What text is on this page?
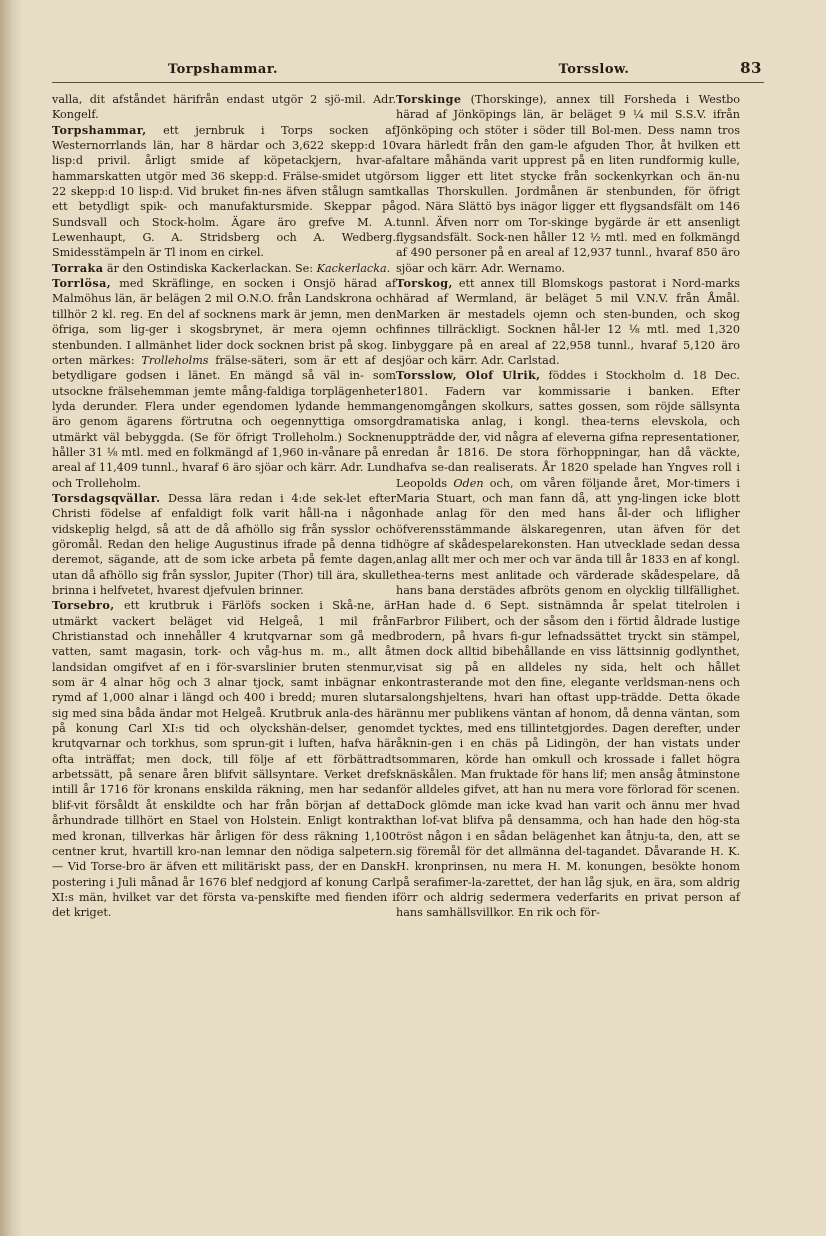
Torpshammar.	Torsslow.	83

valla, dit afståndet härifrån endast utgör 2 sjö-mil. Adr. Kongelf.

Torpshammar, ett jernbruk i Torps socken af Westernorrlands län, har 8 härdar och 3,622 skepp:d 10 lisp:d privil. årligt smide af köpetackjern, hvar-af hammarskatten utgör med 36 skepp:d. Frälse-smidet utgör 22 skepp:d 10 lisp:d. Vid bruket fin-nes äfven stålugn samt ett betydligt spik- och manufaktursmide. Skeppar på Sundsvall och Stock-holm. Ägare äro grefve M. A. Lewenhaupt, G. A. Stridsberg och A. Wedberg. Smidesstämpeln är Tl inom en cirkel.

Torraka är den Ostindiska Kackerlackan. Se: Kackerlacka.

Torrlösa, med Skräflinge, en socken i Onsjö härad af Malmöhus län, är belägen 2 mil O.N.O. från Landskrona och tillhör 2 kl. reg. En del af socknens mark är jemn, men den öfriga, som lig-ger i skogsbrynet, är mera ojemn och stenbunden. I allmänhet lider dock socknen brist på skog. I orten märkes: Trolleholms frälse-säteri, som är ett af de betydligare godsen i länet. En mängd så väl in- som utsockne frälsehemman jemte mång-faldiga torplägenheter lyda derunder. Flera under egendomen lydande hemman äro genom ägarens förtrutna och oegennyttiga omsorg utmärkt väl bebyggda. (Se för öfrigt Trolleholm.) Socknen håller 31 ⅛ mtl. med en folkmängd af 1,960 in-vånare på en areal af 11,409 tunnl., hvaraf 6 äro sjöar och kärr. Adr. Lund och Trolleholm.

Torsdagsqvällar. Dessa lära redan i 4:de sek-let efter Christi födelse af enfaldigt folk varit håll-na i någon vidskeplig helgd, så att de då afhöllo sig från sysslor och göromål. Redan den helige Augustinus ifrade på denna tid deremot, sägande, att de som icke arbeta på femte dagen, utan då afhöllo sig från sysslor, Jupiter (Thor) till ära, skulle brinna i helfvetet, hvarest djefvulen brinner.

Torsebro, ett krutbruk i Färlöfs socken i Skå-ne, är utmärkt vackert beläget vid Helgeå, 1 mil från Christianstad och innehåller 4 krutqvarnar som gå med vatten, samt magasin, tork- och våg-hus m. m., allt åt landsidan omgifvet af en i för-svarslinier bruten stenmur, som är 4 alnar hög och 3 alnar tjock, samt inbägnar en rymd af 1,000 alnar i längd och 400 i bredd; muren slutar sig med sina båda ändar mot Helgeå. Krutbruk anla-des här på konung Carl XI:s tid och olyckshän-delser, genom krutqvarnar och torkhus, som sprun-git i luften, hafva här ofta inträffat; men dock, till följe af ett förbättradt arbetssätt, på senare åren blifvit sällsyntare. Verket drefs intill år 1716 för kronans enskilda räkning, men har sedan blif-vit försåldt åt enskildte och har från början af detta århundrade tillhört en Stael von Holstein. Enligt kontrakt med kronan, tillverkas här årligen för dess räkning 1,100 centner krut, hvartill kro-nan lemnar den nödiga salpetern. — Vid Torse-bro är äfven ett militäriskt pass, der en Dansk postering i Juli månad år 1676 blef nedgjord af konung Carl XI:s män, hvilket var det första va-penskifte med fienden i det kriget.

Torskinge (Thorskinge), annex till Forsheda i Westbo härad af Jönköpings län, är beläget 9 ¼ mil S.S.V. ifrån Jönköping och stöter i söder till Bol-men. Dess namn tros vara härledt från den gam-le afguden Thor, åt hvilken ett altare måhända varit upprest på en liten rundformig kulle, som ligger ett litet stycke från sockenkyrkan och än-nu kallas Thorskullen. Jordmånen är stenbunden, för öfrigt god. Nära Slättö bys inägor ligger ett flygsandsfält om 146 tunnl. Äfven norr om Tor-skinge bygärde är ett ansenligt flygsandsfält. Sock-nen håller 12 ½ mtl. med en folkmängd af 490 personer på en areal af 12,937 tunnl., hvaraf 850 äro sjöar och kärr. Adr. Wernamo.

Torskog, ett annex till Blomskogs pastorat i Nord-marks härad af Wermland, är beläget 5 mil V.N.V. från Åmål. Marken är mestadels ojemn och sten-bunden, och skog finnes tillräckligt. Socknen hål-ler 12 ⅛ mtl. med 1,320 inbyggare på en areal af 22,958 tunnl., hvaraf 5,120 äro sjöar och kärr. Adr. Carlstad.

Torsslow, Olof Ulrik, föddes i Stockholm d. 18 Dec. 1801. Fadern var kommissarie i banken. Efter genomgången skolkurs, sattes gossen, som röjde sällsynta dramatiska anlag, i kongl. thea-terns elevskola, och uppträdde der, vid några af eleverna gifna representationer, redan år 1816. De stora förhoppningar, han då väckte, hafva se-dan realiserats. År 1820 spelade han Yngves roll i Leopolds Oden och, om våren följande året, Mor-timers i Maria Stuart, och man fann då, att yng-lingen icke blott hade anlag för den med hans ål-der och lifligher öfverensstämmande älskaregenren, utan äfven för det högre af skådespelarekonsten. Han utvecklade sedan dessa anlag allt mer och mer och var ända till år 1833 en af kongl. thea-terns mest anlitade och värderade skådespelare, då hans bana derstädes afbröts genom en olycklig tillfällighet. Han hade d. 6 Sept. sistnämnda år spelat titelrolen i Farbror Filibert, och der såsom den i förtid åldrade lustige brodern, på hvars fi-gur lefnadssättet tryckt sin stämpel, men dock alltid bibehållande en viss lättsinnig godlynthet, visat sig på en alldeles ny sida, helt och hållet kontrasterande mot den fine, elegante verldsman-nens och salongshjeltens, hvari han oftast upp-trädde. Detta ökade ännu mer publikens väntan af honom, då denna väntan, som det tycktes, med ens tillintetgjordes. Dagen derefter, under åknin-gen i en chäs på Lidingön, der han vistats under sommaren, körde han omkull och krossade i fallet högra knäskålen. Man fruktade för hans lif; men ansåg åtminstone för alldeles gifvet, att han nu mera vore förlorad för scenen. Dock glömde man icke kvad han varit och ännu mer hvad han lof-vat blifva på densamma, och han hade den hög-sta tröst någon i en sådan belägenhet kan åtnju-ta, den, att se sig föremål för det allmänna del-tagandet. Dåvarande H. K. H. kronprinsen, nu mera H. M. konungen, besökte honom på serafimer-la-zarettet, der han låg sjuk, en ära, som aldrig förr och aldrig sedermera vederfarits en privat person af hans samhällsvillkor. En rik och för-
